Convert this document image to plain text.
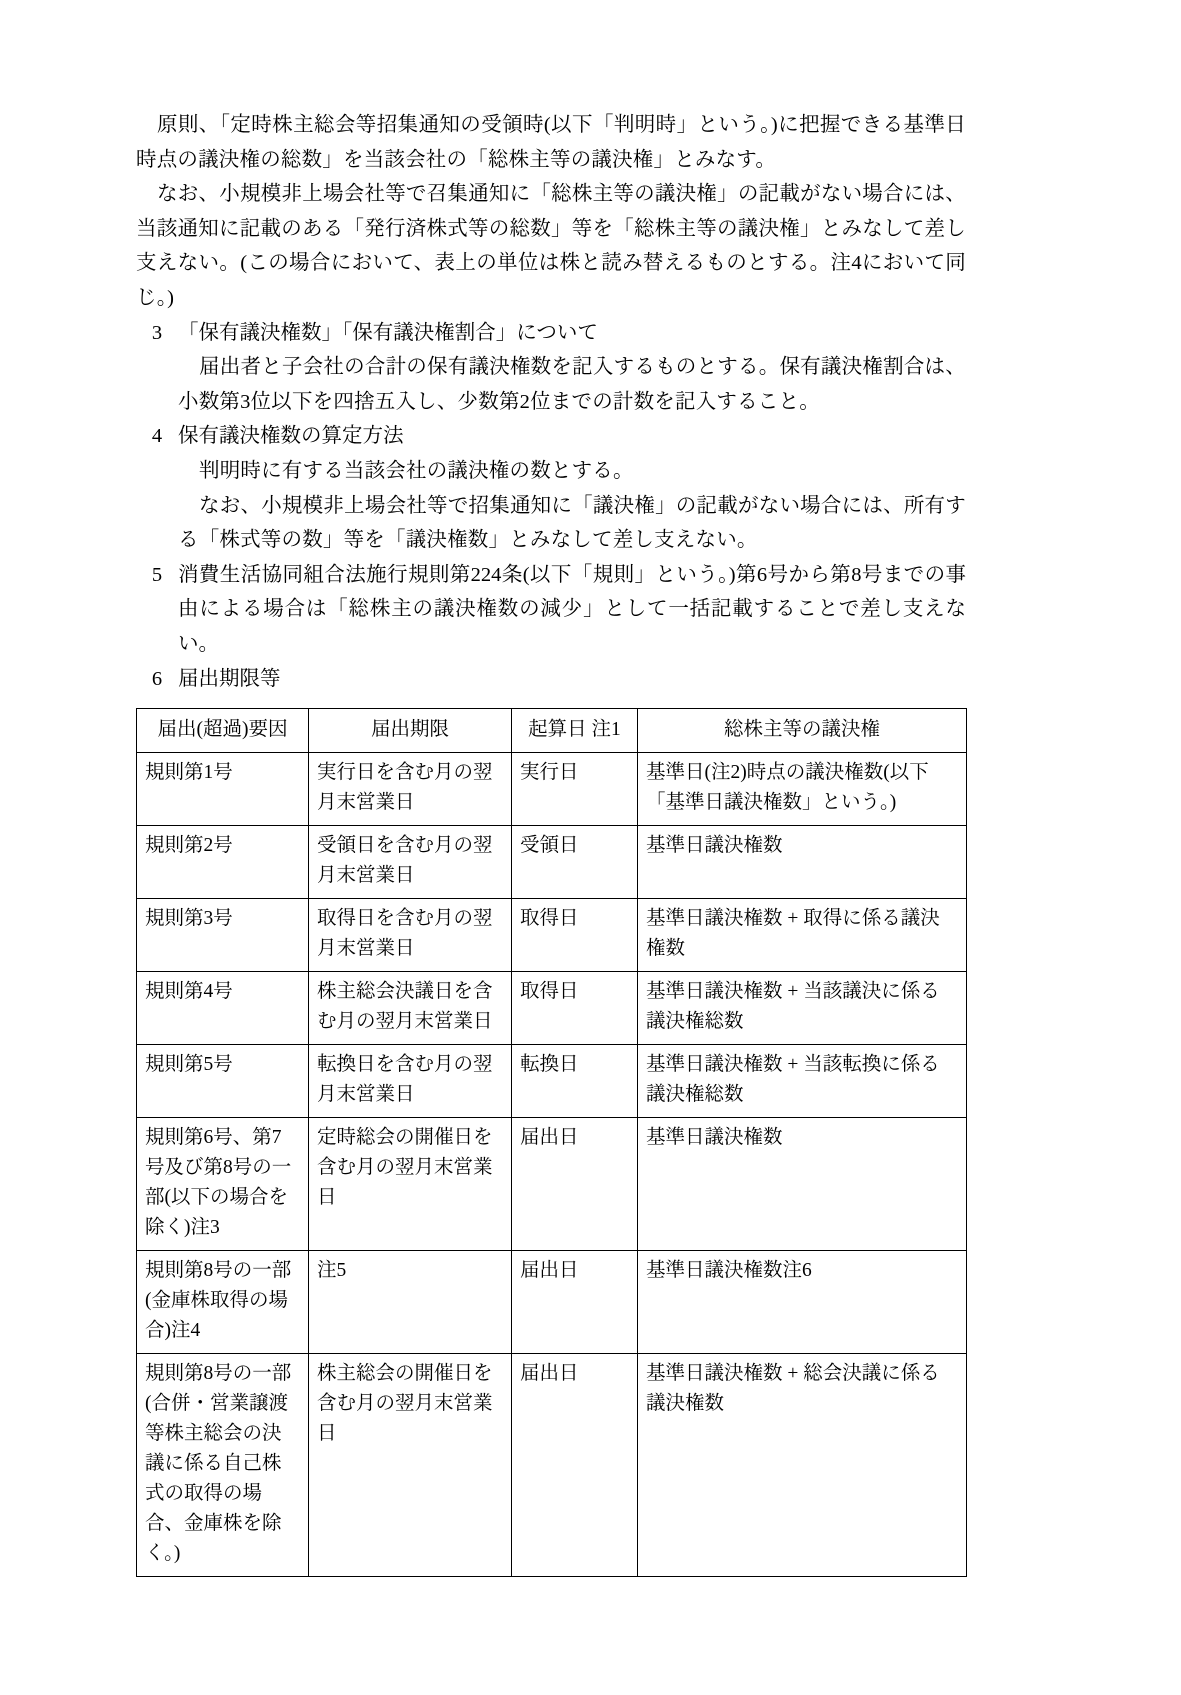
原則、「定時株主総会等招集通知の受領時(以下「判明時」という。)に把握できる基準日時点の議決権の総数」を当該会社の「総株主等の議決権」とみなす。

なお、小規模非上場会社等で召集通知に「総株主等の議決権」の記載がない場合には、当該通知に記載のある「発行済株式等の総数」等を「総株主等の議決権」とみなして差し支えない。(この場合において、表上の単位は株と読み替えるものとする。注4において同じ。)

3 「保有議決権数」「保有議決権割合」について

届出者と子会社の合計の保有議決権数を記入するものとする。保有議決権割合は、小数第3位以下を四捨五入し、少数第2位までの計数を記入すること。

4 保有議決権数の算定方法

判明時に有する当該会社の議決権の数とする。

なお、小規模非上場会社等で招集通知に「議決権」の記載がない場合には、所有する「株式等の数」等を「議決権数」とみなして差し支えない。

5 消費生活協同組合法施行規則第224条(以下「規則」という。)第6号から第8号までの事由による場合は「総株主の議決権数の減少」として一括記載することで差し支えない。
6 届出期限等
届出(超過)要因	届出期限	起算日 注1	総株主等の議決権
規則第1号	実行日を含む月の翌月末営業日	実行日	基準日(注2)時点の議決権数(以下「基準日議決権数」という。)
規則第2号	受領日を含む月の翌月末営業日	受領日	基準日議決権数
規則第3号	取得日を含む月の翌月末営業日	取得日	基準日議決権数 + 取得に係る議決権数
規則第4号	株主総会決議日を含む月の翌月末営業日	取得日	基準日議決権数 + 当該議決に係る議決権総数
規則第5号	転換日を含む月の翌月末営業日	転換日	基準日議決権数 + 当該転換に係る議決権総数
規則第6号、第7号及び第8号の一部(以下の場合を除く)注3	定時総会の開催日を含む月の翌月末営業日	届出日	基準日議決権数
規則第8号の一部(金庫株取得の場合)注4	注5	届出日	基準日議決権数注6
規則第8号の一部(合併・営業譲渡等株主総会の決議に係る自己株式の取得の場合、金庫株を除く。)	株主総会の開催日を含む月の翌月末営業日	届出日	基準日議決権数 + 総会決議に係る議決権数
